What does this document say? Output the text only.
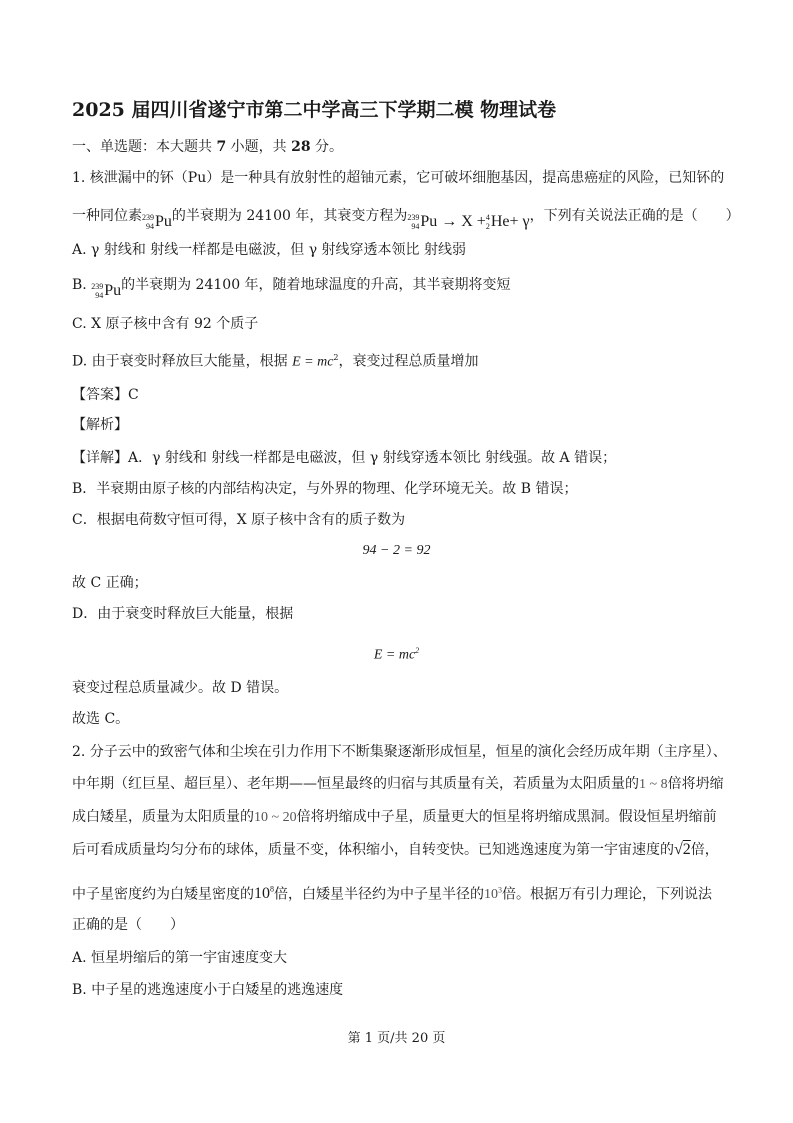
2025 届四川省遂宁市第二中学高三下学期二模 物理试卷
一、单选题：本大题共 7 小题，共 28 分。
1. 核泄漏中的钚（Pu）是一种具有放射性的超铀元素，它可破坏细胞基因，提高患癌症的风险，已知钚的
一种同位素 239
94 Pu 的半衰期为 24100 年，其衰变方程为 239
94 Pu
→ X + 4
2 He + γ ，下列有关说法正确的是（　　）
A. γ 射线和 射线一样都是电磁波，但 γ 射线穿透本领比 射线弱
B. 239
94 Pu 的半衰期为 24100 年，随着地球温度的升高，其半衰期将变短
C. X 原子核中含有 92 个质子
D. 由于衰变时释放巨大能量，根据 $E = mc^2$，衰变过程总质量增加
【答案】C
【解析】
【详解】A．γ 射线和 射线一样都是电磁波，但 γ 射线穿透本领比 射线强。故 A 错误；
B．半衰期由原子核的内部结构决定，与外界的物理、化学环境无关。故 B 错误；
C．根据电荷数守恒可得，X 原子核中含有的质子数为
94 − 2 = 92
故 C 正确；
D．由于衰变时释放巨大能量，根据
$E = mc^2$
衰变过程总质量减少。故 D 错误。
故选 C。
2. 分子云中的致密气体和尘埃在引力作用下不断集聚逐渐形成恒星，恒星的演化会经历成年期（主序星）、
中年期（红巨星、超巨星）、老年期——恒星最终的归宿与其质量有关，若质量为太阳质量的1 ~ 8倍将坍缩
成白矮星，质量为太阳质量的10 ~ 20倍将坍缩成中子星，质量更大的恒星将坍缩成黑洞。假设恒星坍缩前
后可看成质量均匀分布的球体，质量不变，体积缩小，自转变快。已知逃逸速度为第一宇宙速度的√2倍，
中子星密度约为白矮星密度的$10^8$倍，白矮星半径约为中子星半径的$10^3$倍。根据万有引力理论，下列说法
正确的是（　　）
A. 恒星坍缩后的第一宇宙速度变大
B. 中子星的逃逸速度小于白矮星的逃逸速度
第 1 页/共 20 页
